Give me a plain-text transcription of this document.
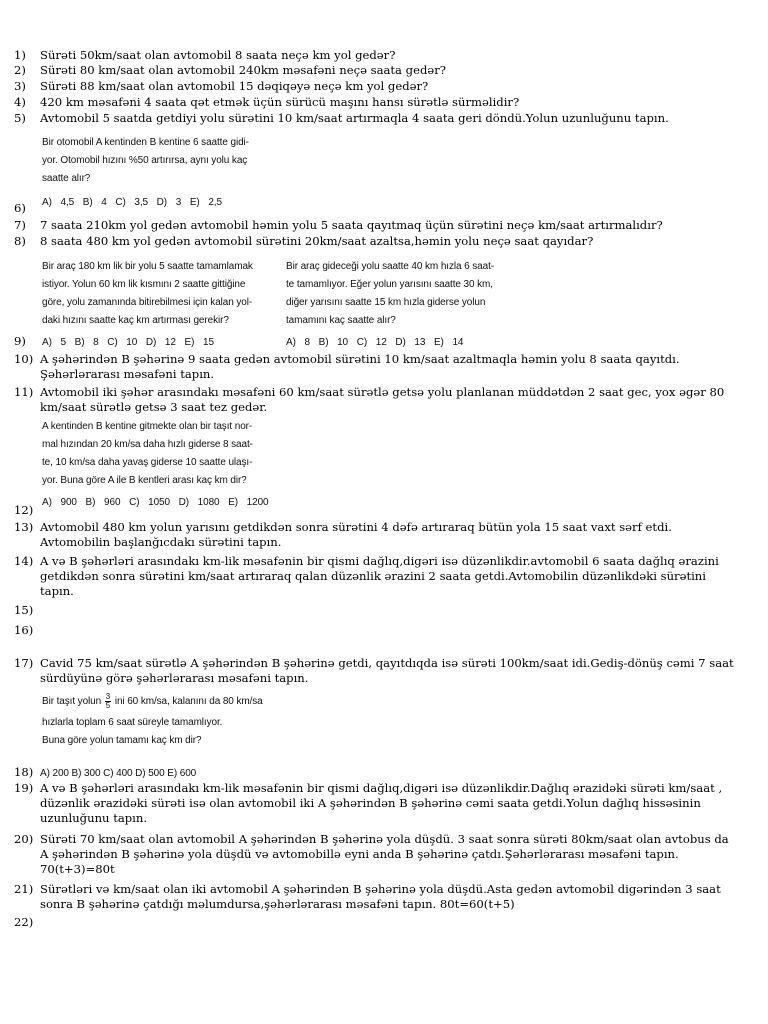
1) Sürəti 50km/saat olan avtomobil 8 saata neçə km yol gedər?
2) Sürəti 80 km/saat olan avtomobil 240km məsafəni neçə saata gedər?
3) Sürəti 88 km/saat olan avtomobil 15 dəqiqəyə neçə km yol gedər?
4) 420 km məsafəni 4 saata qət etmək üçün sürücü maşını hansı sürətlə sürməlidir?
5) Avtomobil 5 saatda getdiyi yolu sürətini 10 km/saat artırmaqla 4 saata geri döndü.Yolun uzunluğunu tapın.
Bir otomobil A kentinden B kentine 6 saatte gidi-
yor. Otomobil hızını %50 artırırsa, aynı yolu kaç
saatte alır?
A) 4,5 B) 4 C) 3,5 D) 3 E) 2,5
6)
7) 7 saata 210km yol gedən avtomobil həmin yolu 5 saata qayıtmaq üçün sürətini neçə km/saat artırmalıdır?
8) 8 saata 480 km yol gedən avtomobil sürətini 20km/saat azaltsa,həmin yolu neçə saat qayıdar?
Bir araç 180 km lik bir yolu 5 saatte tamamlamak
istiyor. Yolun 60 km lik kısmını 2 saatte gittiğine
göre, yolu zamanında bitirebilmesi için kalan yol-
daki hızını saatte kaç km artırması gerekir?
A) 5 B) 8 C) 10 D) 12 E) 15
Bir araç gideceği yolu saatte 40 km hızla 6 saat-
te tamamlıyor. Eğer yolun yarısını saatte 30 km,
diğer yarısını saatte 15 km hızla giderse yolun
tamamını kaç saatte alır?
A) 8 B) 10 C) 12 D) 13 E) 14
9)
10) A şəhərindən B şəhərinə 9 saata gedən avtomobil sürətini 10 km/saat azaltmaqla həmin yolu 8 saata qayıtdı.
Şəhərlərarası məsafəni tapın.
11) Avtomobil iki şəhər arasındakı məsafəni 60 km/saat sürətlə getsə yolu planlanan müddətdən 2 saat gec, yox əgər 80
km/saat sürətlə getsə 3 saat tez gedər.
A kentinden B kentine gitmekte olan bir taşıt nor-
mal hızından 20 km/sa daha hızlı giderse 8 saat-
te, 10 km/sa daha yavaş giderse 10 saatte ulaşı-
yor. Buna göre A ile B kentleri arası kaç km dir?
A) 900 B) 960 C) 1050 D) 1080 E) 1200
12)
13) Avtomobil 480 km yolun yarısını getdikdən sonra sürətini 4 dəfə artıraraq bütün yola 15 saat vaxt sərf etdi.
Avtomobilin başlanğıcdakı sürətini tapın.
14) A və B şəhərləri arasındakı km-lik məsafənin bir qismi dağlıq,digəri isə düzənlikdir.avtomobil 6 saata dağlıq ərazini
getdikdən sonra sürətini km/saat artıraraq qalan düzənlik ərazini 2 saata getdi.Avtomobilin düzənlikdəki sürətini
tapın.
15)
16)
17) Cavid 75 km/saat sürətlə A şəhərindən B şəhərinə getdi, qayıtdıqda isə sürəti 100km/saat idi.Gediş-dönüş cəmi 7 saat
sürdüyünə görə şəhərlərarası məsafəni tapın.
Bir taşıt yolun $\frac{3}{5}$ ini 60 km/sa, kalanını da 80 km/sa
hızlarla toplam 6 saat süreyle tamamlıyor.
Buna göre yolun tamamı kaç km dir?
18) A) 200 B) 300 C) 400 D) 500 E) 600
19) A və B şəhərləri arasındakı km-lik məsafənin bir qismi dağlıq,digəri isə düzənlikdir.Dağlıq ərazidəki sürəti km/saat ,
düzənlik ərazidəki sürəti isə olan avtomobil iki A şəhərindən B şəhərinə cəmi saata getdi.Yolun dağlıq hissəsinin
uzunluğunu tapın.
20) Sürəti 70 km/saat olan avtomobil A şəhərindən B şəhərinə yola düşdü. 3 saat sonra sürəti 80km/saat olan avtobus da
A şəhərindən B şəhərinə yola düşdü və avtomobillə eyni anda B şəhərinə çatdı.Şəhərlərarası məsafəni tapın.
70(t+3)=80t
21) Sürətləri və km/saat olan iki avtomobil A şəhərindən B şəhərinə yola düşdü.Asta gedən avtomobil digərindən 3 saat
sonra B şəhərinə çatdığı məlumdursa,şəhərlərarası məsafəni tapın. 80t=60(t+5)
22)
